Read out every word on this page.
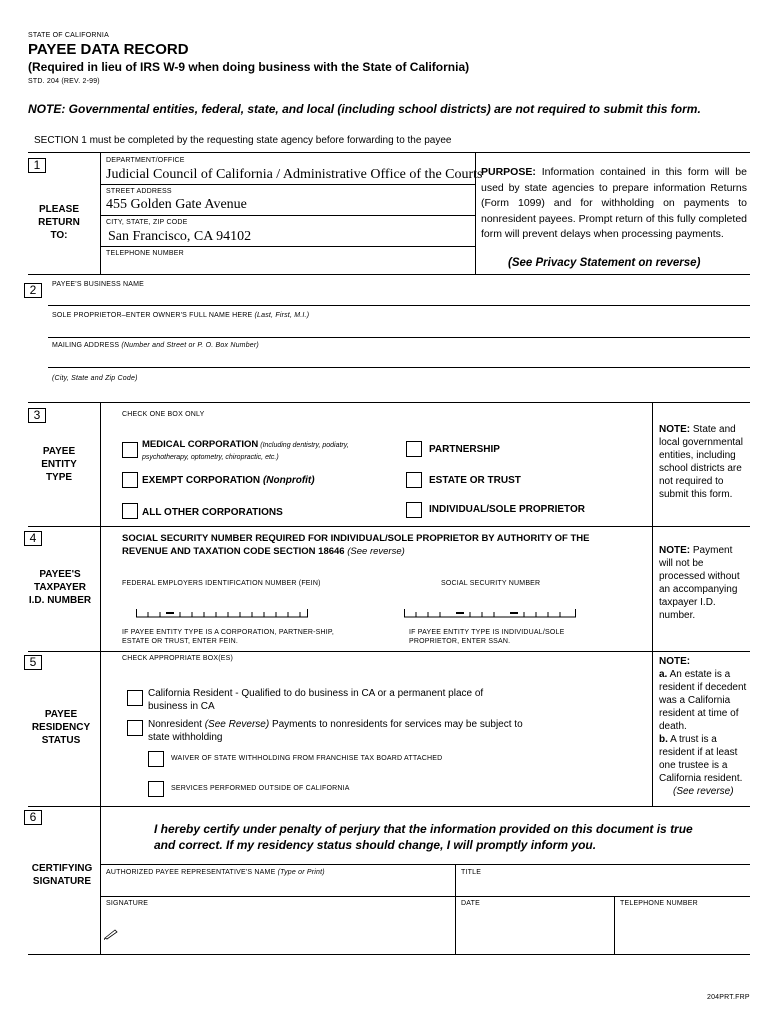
STATE OF CALIFORNIA
PAYEE DATA RECORD
(Required in lieu of IRS W-9 when doing business with the State of California)
STD. 204 (REV. 2-99)
NOTE: Governmental entities, federal, state, and local (including school districts) are not required to submit this form.
SECTION 1 must be completed by the requesting state agency before forwarding to the payee
1
PLEASE
RETURN
TO:
DEPARTMENT/OFFICE
Judicial Council of California / Administrative Office of the Courts
STREET ADDRESS
455 Golden Gate Avenue
CITY, STATE, ZIP CODE
San Francisco, CA 94102
TELEPHONE NUMBER
PURPOSE: Information contained in this form will be used by state agencies to prepare information Returns (Form 1099) and for withholding on payments to nonresident payees. Prompt return of this fully completed form will prevent delays when processing payments.
(See Privacy Statement on reverse)
2	PAYEE'S BUSINESS NAME
SOLE PROPRIETOR–ENTER OWNER'S FULL NAME HERE (Last, First, M.I.)
MAILING ADDRESS (Number and Street or P. O. Box Number)
(City, State and Zip Code)
3
PAYEE
ENTITY
TYPE
CHECK ONE BOX ONLY
MEDICAL CORPORATION (Including dentistry, podiatry, psychotherapy, optometry, chiropractic, etc.)
EXEMPT CORPORATION (Nonprofit)
ALL OTHER CORPORATIONS
PARTNERSHIP
ESTATE OR TRUST
INDIVIDUAL/SOLE PROPRIETOR
NOTE: State and local governmental entities, including school districts are not required to submit this form.
4
PAYEE'S
TAXPAYER
I.D. NUMBER
SOCIAL SECURITY NUMBER REQUIRED FOR INDIVIDUAL/SOLE PROPRIETOR BY AUTHORITY OF THE REVENUE AND TAXATION CODE SECTION 18646 (See reverse)
FEDERAL EMPLOYERS IDENTIFICATION NUMBER (FEIN)	SOCIAL SECURITY NUMBER
IF PAYEE ENTITY TYPE IS A CORPORATION, PARTNER-SHIP, ESTATE OR TRUST, ENTER FEIN.
IF PAYEE ENTITY TYPE IS INDIVIDUAL/SOLE PROPRIETOR, ENTER SSAN.
NOTE: Payment will not be processed without an accompanying taxpayer I.D. number.
5
PAYEE
RESIDENCY
STATUS
CHECK APPROPRIATE BOX(ES)
California Resident - Qualified to do business in CA or a permanent place of business in CA
Nonresident (See Reverse) Payments to nonresidents for services may be subject to state withholding
WAIVER OF STATE WITHHOLDING FROM FRANCHISE TAX BOARD ATTACHED
SERVICES PERFORMED OUTSIDE OF CALIFORNIA
NOTE:
a. An estate is a resident if decedent was a California resident at time of death.
b. A trust is a resident if at least one trustee is a California resident.
(See reverse)
6
CERTIFYING
SIGNATURE
I hereby certify under penalty of perjury that the information provided on this document is true and correct. If my residency status should change, I will promptly inform you.
AUTHORIZED PAYEE REPRESENTATIVE'S NAME (Type or Print)	TITLE
SIGNATURE	DATE	TELEPHONE NUMBER
204PRT.FRP
